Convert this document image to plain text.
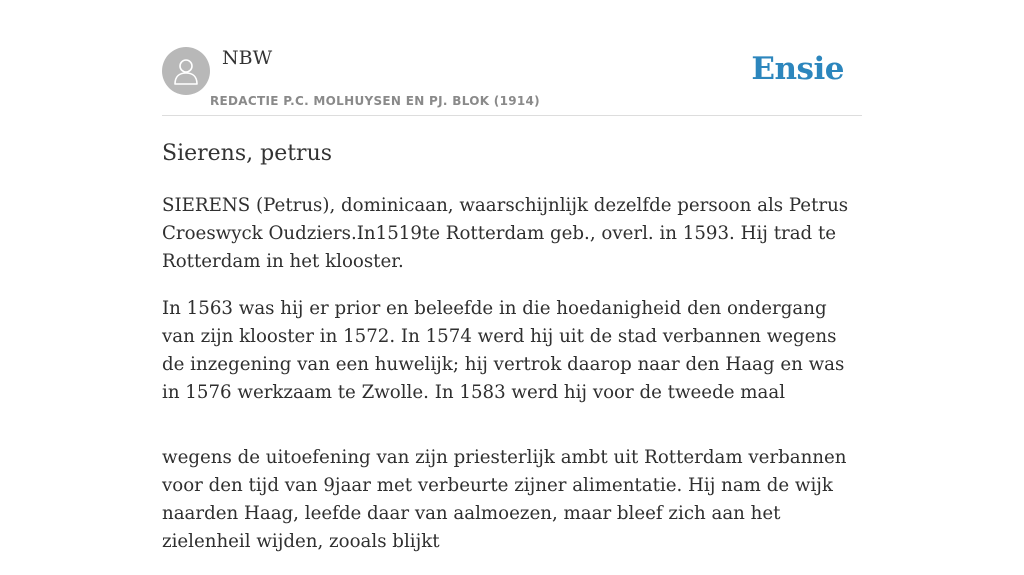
NBW
REDACTIE P.C. MOLHUYSEN EN PJ. BLOK (1914)
Ensie
Sierens, petrus

SIERENS (Petrus), dominicaan, waarschijnlijk dezelfde persoon als Petrus Croeswyck Oudziers.In1519te Rotterdam geb., overl. in 1593. Hij trad te Rotterdam in het klooster.

In 1563 was hij er prior en beleefde in die hoedanigheid den ondergang van zijn klooster in 1572. In 1574 werd hij uit de stad verbannen wegens de inzegening van een huwelijk; hij vertrok daarop naar den Haag en was in 1576 werkzaam te Zwolle. In 1583 werd hij voor de tweede maal

wegens de uitoefening van zijn priesterlijk ambt uit Rotterdam verbannen voor den tijd van 9jaar met verbeurte zijner alimentatie. Hij nam de wijk naarden Haag, leefde daar van aalmoezen, maar bleef zich aan het zielenheil wijden, zooals blijkt
